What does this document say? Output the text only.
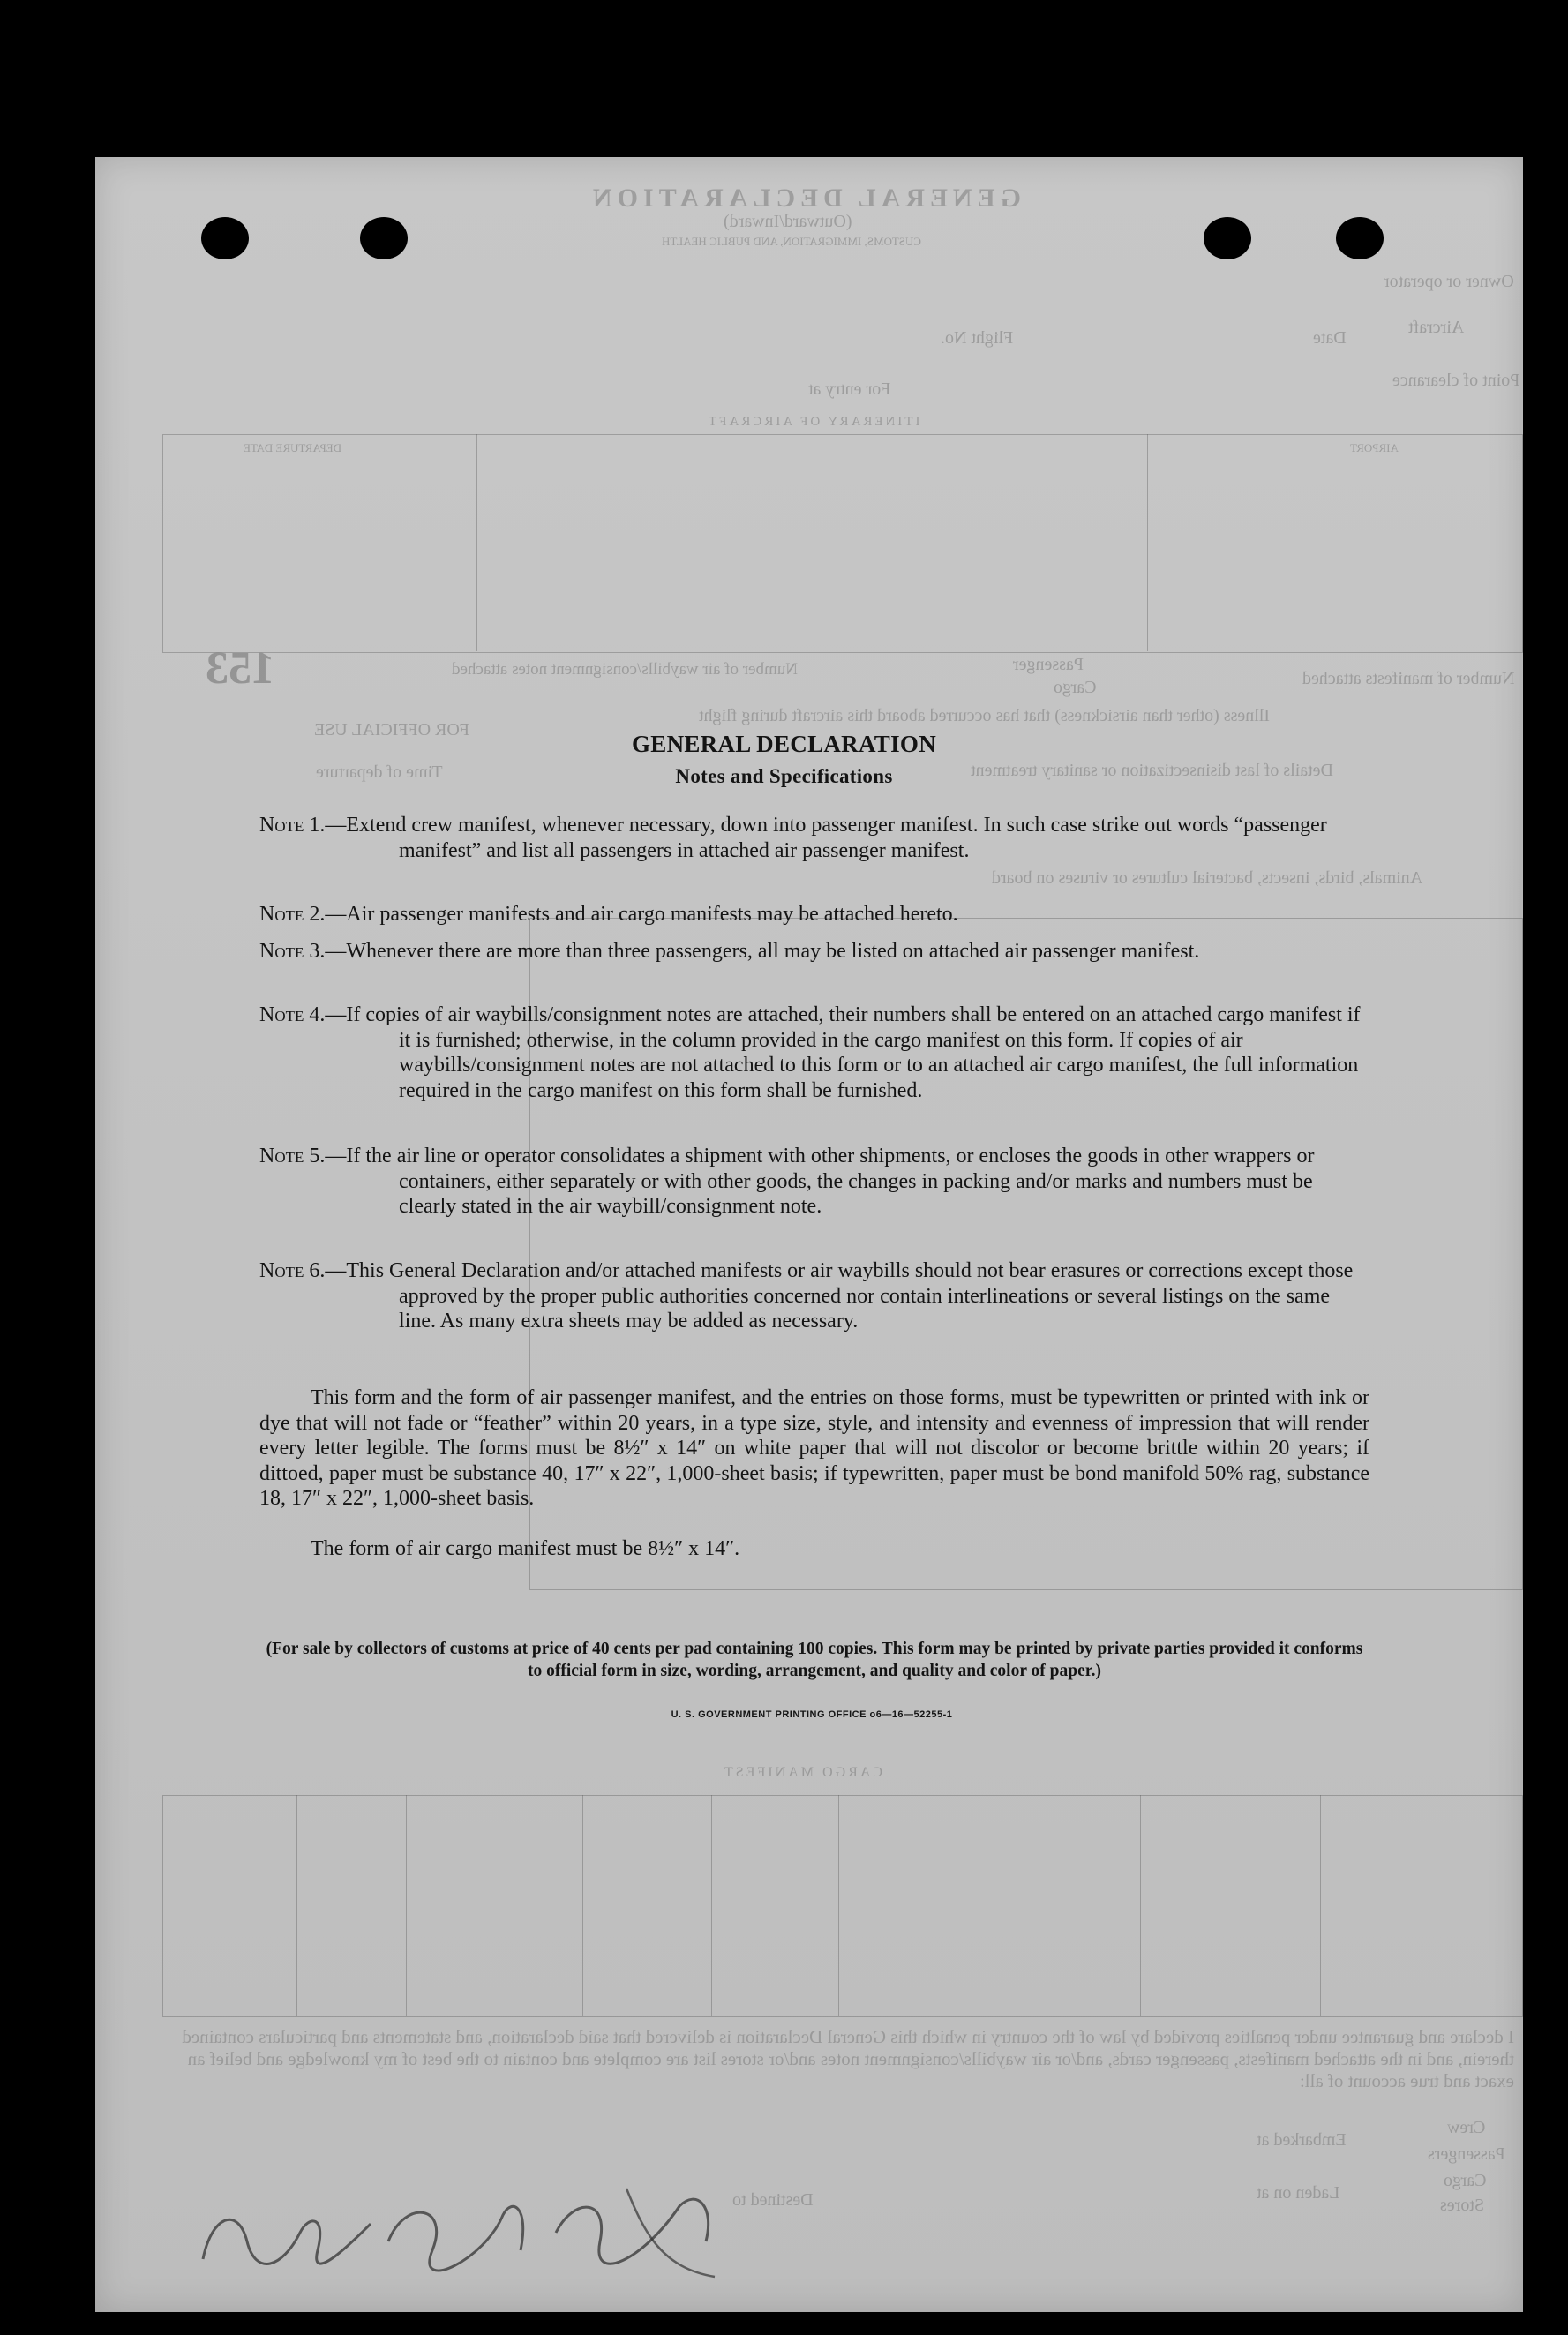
GENERAL DECLARATION
(Outward/Inward)
CUSTOMS, IMMIGRATION, AND PUBLIC HEALTH
Owner or operator
Aircraft
Flight No.	Date
Point of clearance
For entry at
ITINERARY OF AIRCRAFT
AIRPORT
DEPARTURE DATE
153	Number of manifests attached
Passenger
Cargo
Number of air waybills/consignment notes attached
Illness (other than airsickness) that has occurred aboard this aircraft during flight
FOR OFFICIAL USE
Time of departure	Details of last disinsectization or sanitary treatment
Animals, birds, insects, bacterial cultures or viruses on board
CARGO MANIFEST
I declare and guarantee under penalties provided by law of the country in which this General Declaration is delivered that said declaration, and statements and particulars contained therein, and in the attached manifests, passenger cards, and/or air waybills/consignment notes and/or stores list are complete and contain to the best of my knowledge and belief an exact and true account of all:
Crew
Passengers
Cargo
Stores
Embarked at
Destined to	Laden on at
GENERAL DECLARATION
Notes and Specifications
Note 1.—Extend crew manifest, whenever necessary, down into passenger manifest. In such case strike out words “passenger manifest” and list all passengers in attached air passenger manifest.
Note 2.—Air passenger manifests and air cargo manifests may be attached hereto.
Note 3.—Whenever there are more than three passengers, all may be listed on attached air passenger manifest.
Note 4.—If copies of air waybills/consignment notes are attached, their numbers shall be entered on an attached cargo manifest if it is furnished; otherwise, in the column provided in the cargo manifest on this form. If copies of air waybills/consignment notes are not attached to this form or to an attached air cargo manifest, the full information required in the cargo manifest on this form shall be furnished.
Note 5.—If the air line or operator consolidates a shipment with other shipments, or encloses the goods in other wrappers or containers, either separately or with other goods, the changes in packing and/or marks and numbers must be clearly stated in the air waybill/consignment note.
Note 6.—This General Declaration and/or attached manifests or air waybills should not bear erasures or corrections except those approved by the proper public authorities concerned nor contain interlineations or several listings on the same line. As many extra sheets may be added as necessary.
This form and the form of air passenger manifest, and the entries on those forms, must be typewritten or printed with ink or dye that will not fade or “feather” within 20 years, in a type size, style, and intensity and evenness of impression that will render every letter legible. The forms must be 8½″ x 14″ on white paper that will not discolor or become brittle within 20 years; if dittoed, paper must be substance 40, 17″ x 22″, 1,000-sheet basis; if typewritten, paper must be bond manifold 50% rag, substance 18, 17″ x 22″, 1,000-sheet basis.
The form of air cargo manifest must be 8½″ x 14″.
(For sale by collectors of customs at price of 40 cents per pad containing 100 copies. This form may be printed by private parties provided it conforms to official form in size, wording, arrangement, and quality and color of paper.)
U. S. GOVERNMENT PRINTING OFFICE o6—16—52255-1
